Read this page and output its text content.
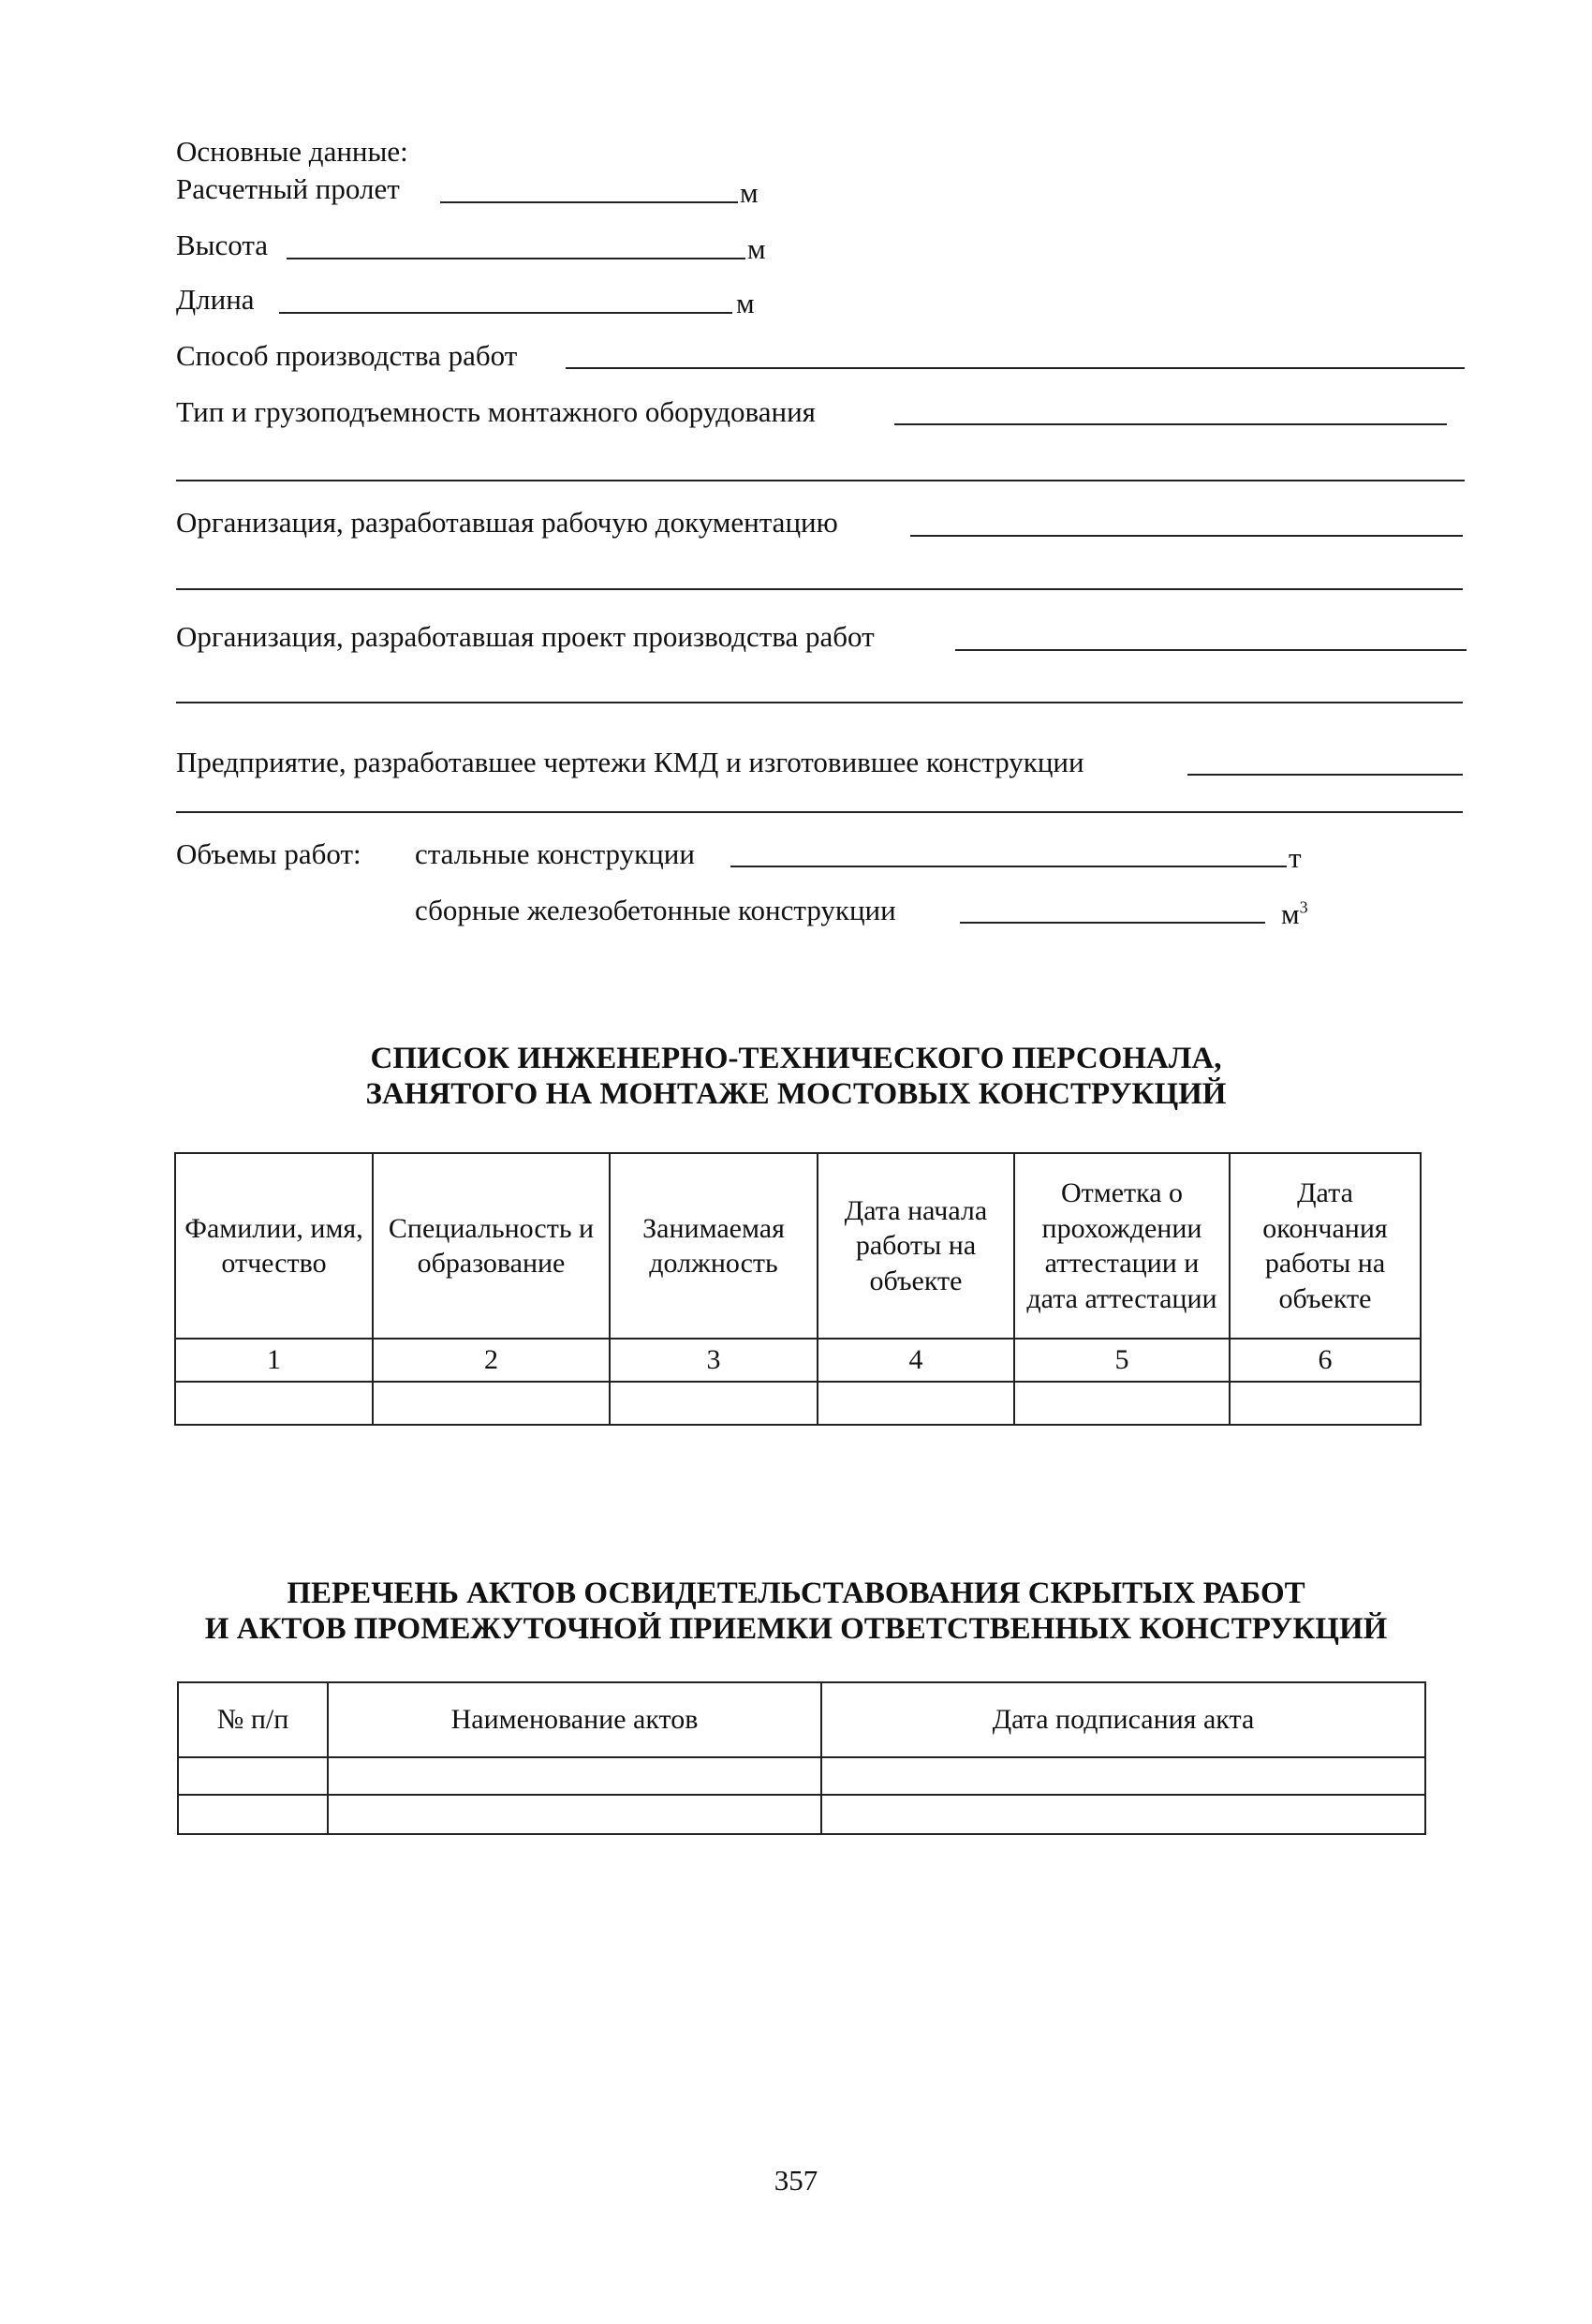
Основные данные:
Расчетный пролет	м
Высота	м
Длина	м
Способ производства работ
Тип и грузоподъемность монтажного оборудования
Организация, разработавшая рабочую документацию
Организация, разработавшая проект производства работ
Предприятие, разработавшее чертежи КМД и изготовившее конструкции
Объемы работ: стальные конструкции	т
сборные железобетонные конструкции	$м^3$
СПИСОК ИНЖЕНЕРНО-ТЕХНИЧЕСКОГО ПЕРСОНАЛА,
ЗАНЯТОГО НА МОНТАЖЕ МОСТОВЫХ КОНСТРУКЦИЙ
Фамилии, имя, отчество	Специальность и образование	Занимаемая должность	Дата начала работы на объекте	Отметка о прохождении аттестации и дата аттестации	Дата окончания работы на объекте
1	2	3	4	5	6

ПЕРЕЧЕНЬ АКТОВ ОСВИДЕТЕЛЬСТАВОВАНИЯ СКРЫТЫХ РАБОТ
И АКТОВ ПРОМЕЖУТОЧНОЙ ПРИЕМКИ ОТВЕТСТВЕННЫХ КОНСТРУКЦИЙ
№ п/п	Наименование актов	Дата подписания акта

357
